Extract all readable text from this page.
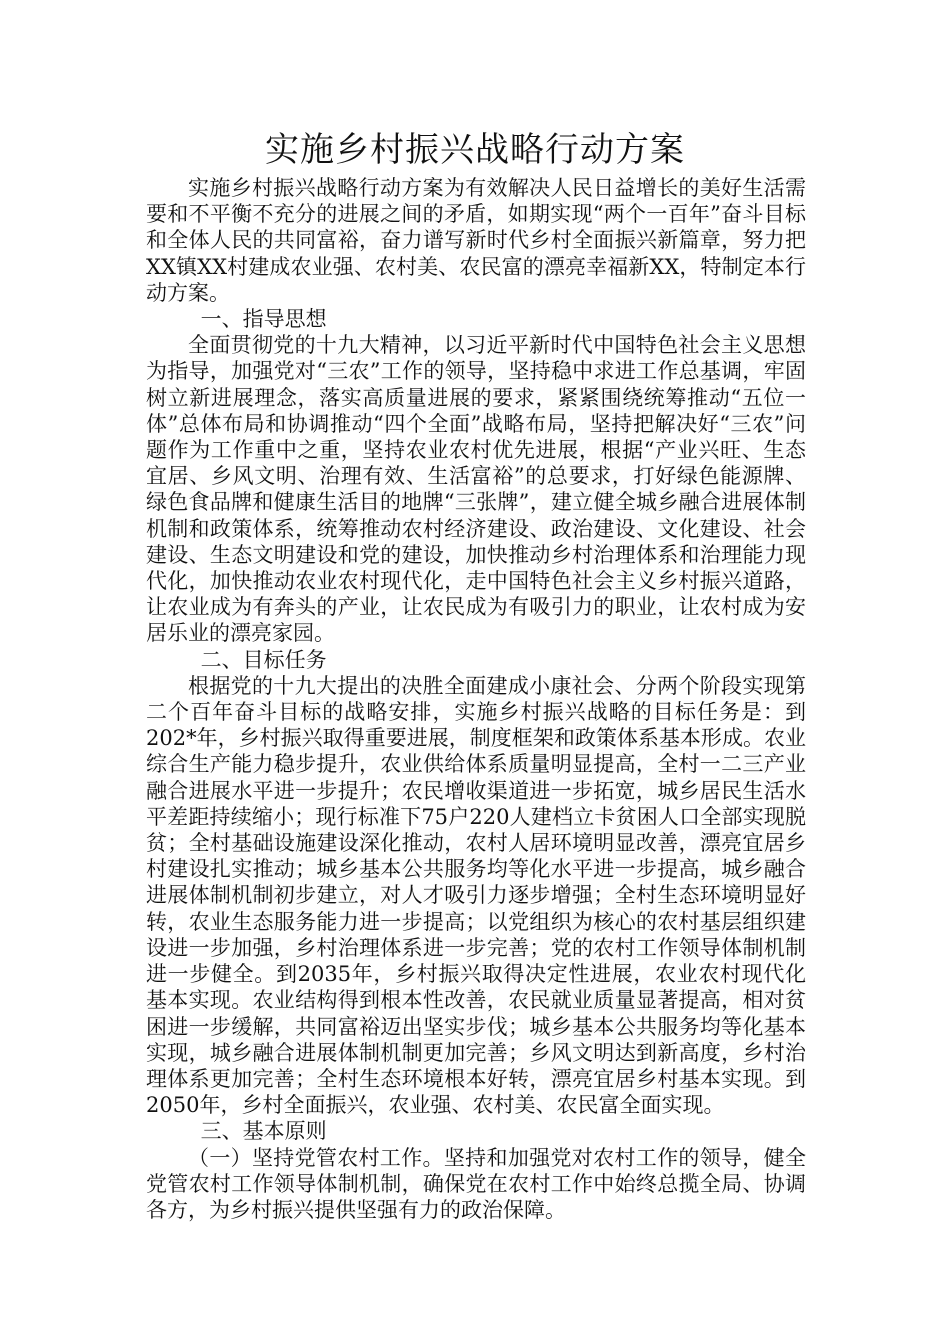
实施乡村振兴战略行动方案

实施乡村振兴战略行动方案为有效解决人民日益增长的美好生活需要和不平衡不充分的进展之间的矛盾，如期实现“两个一百年”奋斗目标和全体人民的共同富裕，奋力谱写新时代乡村全面振兴新篇章，努力把XX镇XX村建成农业强、农村美、农民富的漂亮幸福新XX，特制定本行动方案。

一、指导思想

全面贯彻党的十九大精神，以习近平新时代中国特色社会主义思想为指导，加强党对“三农”工作的领导，坚持稳中求进工作总基调，牢固树立新进展理念，落实高质量进展的要求，紧紧围绕统筹推动“五位一体”总体布局和协调推动“四个全面”战略布局，坚持把解决好“三农”问题作为工作重中之重，坚持农业农村优先进展，根据“产业兴旺、生态宜居、乡风文明、治理有效、生活富裕”的总要求，打好绿色能源牌、绿色食品牌和健康生活目的地牌“三张牌”，建立健全城乡融合进展体制机制和政策体系，统筹推动农村经济建设、政治建设、文化建设、社会建设、生态文明建设和党的建设，加快推动乡村治理体系和治理能力现代化，加快推动农业农村现代化，走中国特色社会主义乡村振兴道路，让农业成为有奔头的产业，让农民成为有吸引力的职业，让农村成为安居乐业的漂亮家园。

二、目标任务

根据党的十九大提出的决胜全面建成小康社会、分两个阶段实现第二个百年奋斗目标的战略安排，实施乡村振兴战略的目标任务是：到202*年，乡村振兴取得重要进展，制度框架和政策体系基本形成。农业综合生产能力稳步提升，农业供给体系质量明显提高，全村一二三产业融合进展水平进一步提升；农民增收渠道进一步拓宽，城乡居民生活水平差距持续缩小；现行标准下75户220人建档立卡贫困人口全部实现脱贫；全村基础设施建设深化推动，农村人居环境明显改善，漂亮宜居乡村建设扎实推动；城乡基本公共服务均等化水平进一步提高，城乡融合进展体制机制初步建立，对人才吸引力逐步增强；全村生态环境明显好转，农业生态服务能力进一步提高；以党组织为核心的农村基层组织建设进一步加强，乡村治理体系进一步完善；党的农村工作领导体制机制进一步健全。到2035年，乡村振兴取得决定性进展，农业农村现代化基本实现。农业结构得到根本性改善，农民就业质量显著提高，相对贫困进一步缓解，共同富裕迈出坚实步伐；城乡基本公共服务均等化基本实现，城乡融合进展体制机制更加完善；乡风文明达到新高度，乡村治理体系更加完善；全村生态环境根本好转，漂亮宜居乡村基本实现。到2050年，乡村全面振兴，农业强、农村美、农民富全面实现。

三、基本原则

（一）坚持党管农村工作。坚持和加强党对农村工作的领导，健全党管农村工作领导体制机制，确保党在农村工作中始终总揽全局、协调各方，为乡村振兴提供坚强有力的政治保障。
